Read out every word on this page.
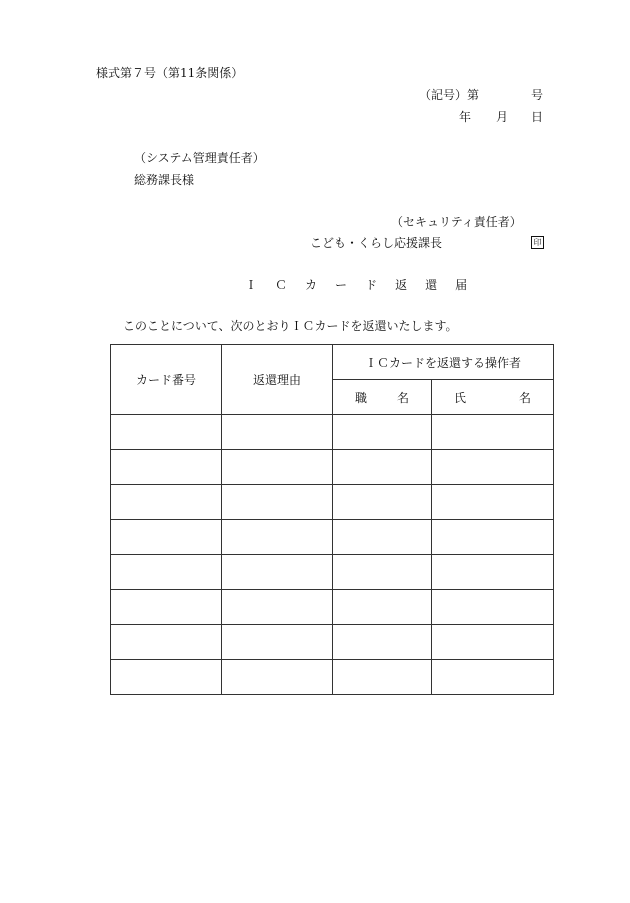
様式第７号（第11条関係）
（記号）第	号
年 月 日
（システム管理責任者）
総務課長様
（セキュリティ責任者）
こども・くらし応援課長	印
Ｉ Ｃ カ ー ド 返 還 届
このことについて、次のとおりＩＣカードを返還いたします。
カード番号	返還理由	ＩＣカードを返還する操作者	

		職 名	氏 名
